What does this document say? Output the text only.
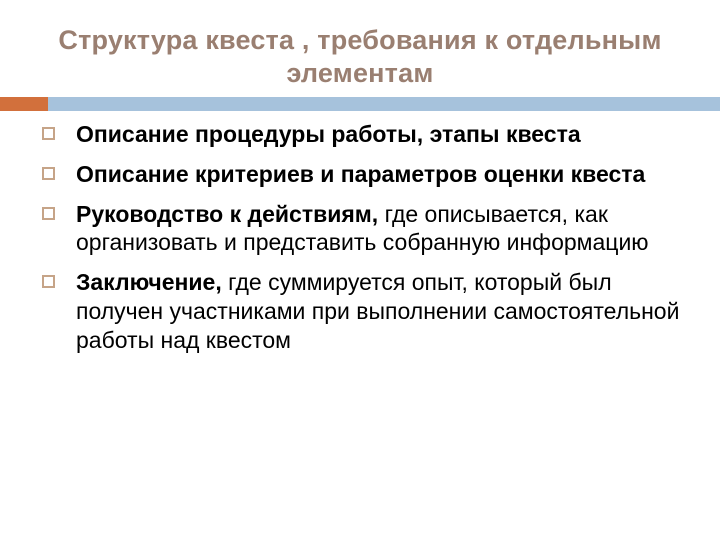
Структура квеста , требования к отдельным элементам
Описание процедуры работы, этапы квеста
Описание критериев и параметров оценки квеста
Руководство к действиям, где описывается, как организовать и представить собранную информацию
Заключение, где суммируется опыт, который был получен участниками при выполнении самостоятельной работы над квестом
